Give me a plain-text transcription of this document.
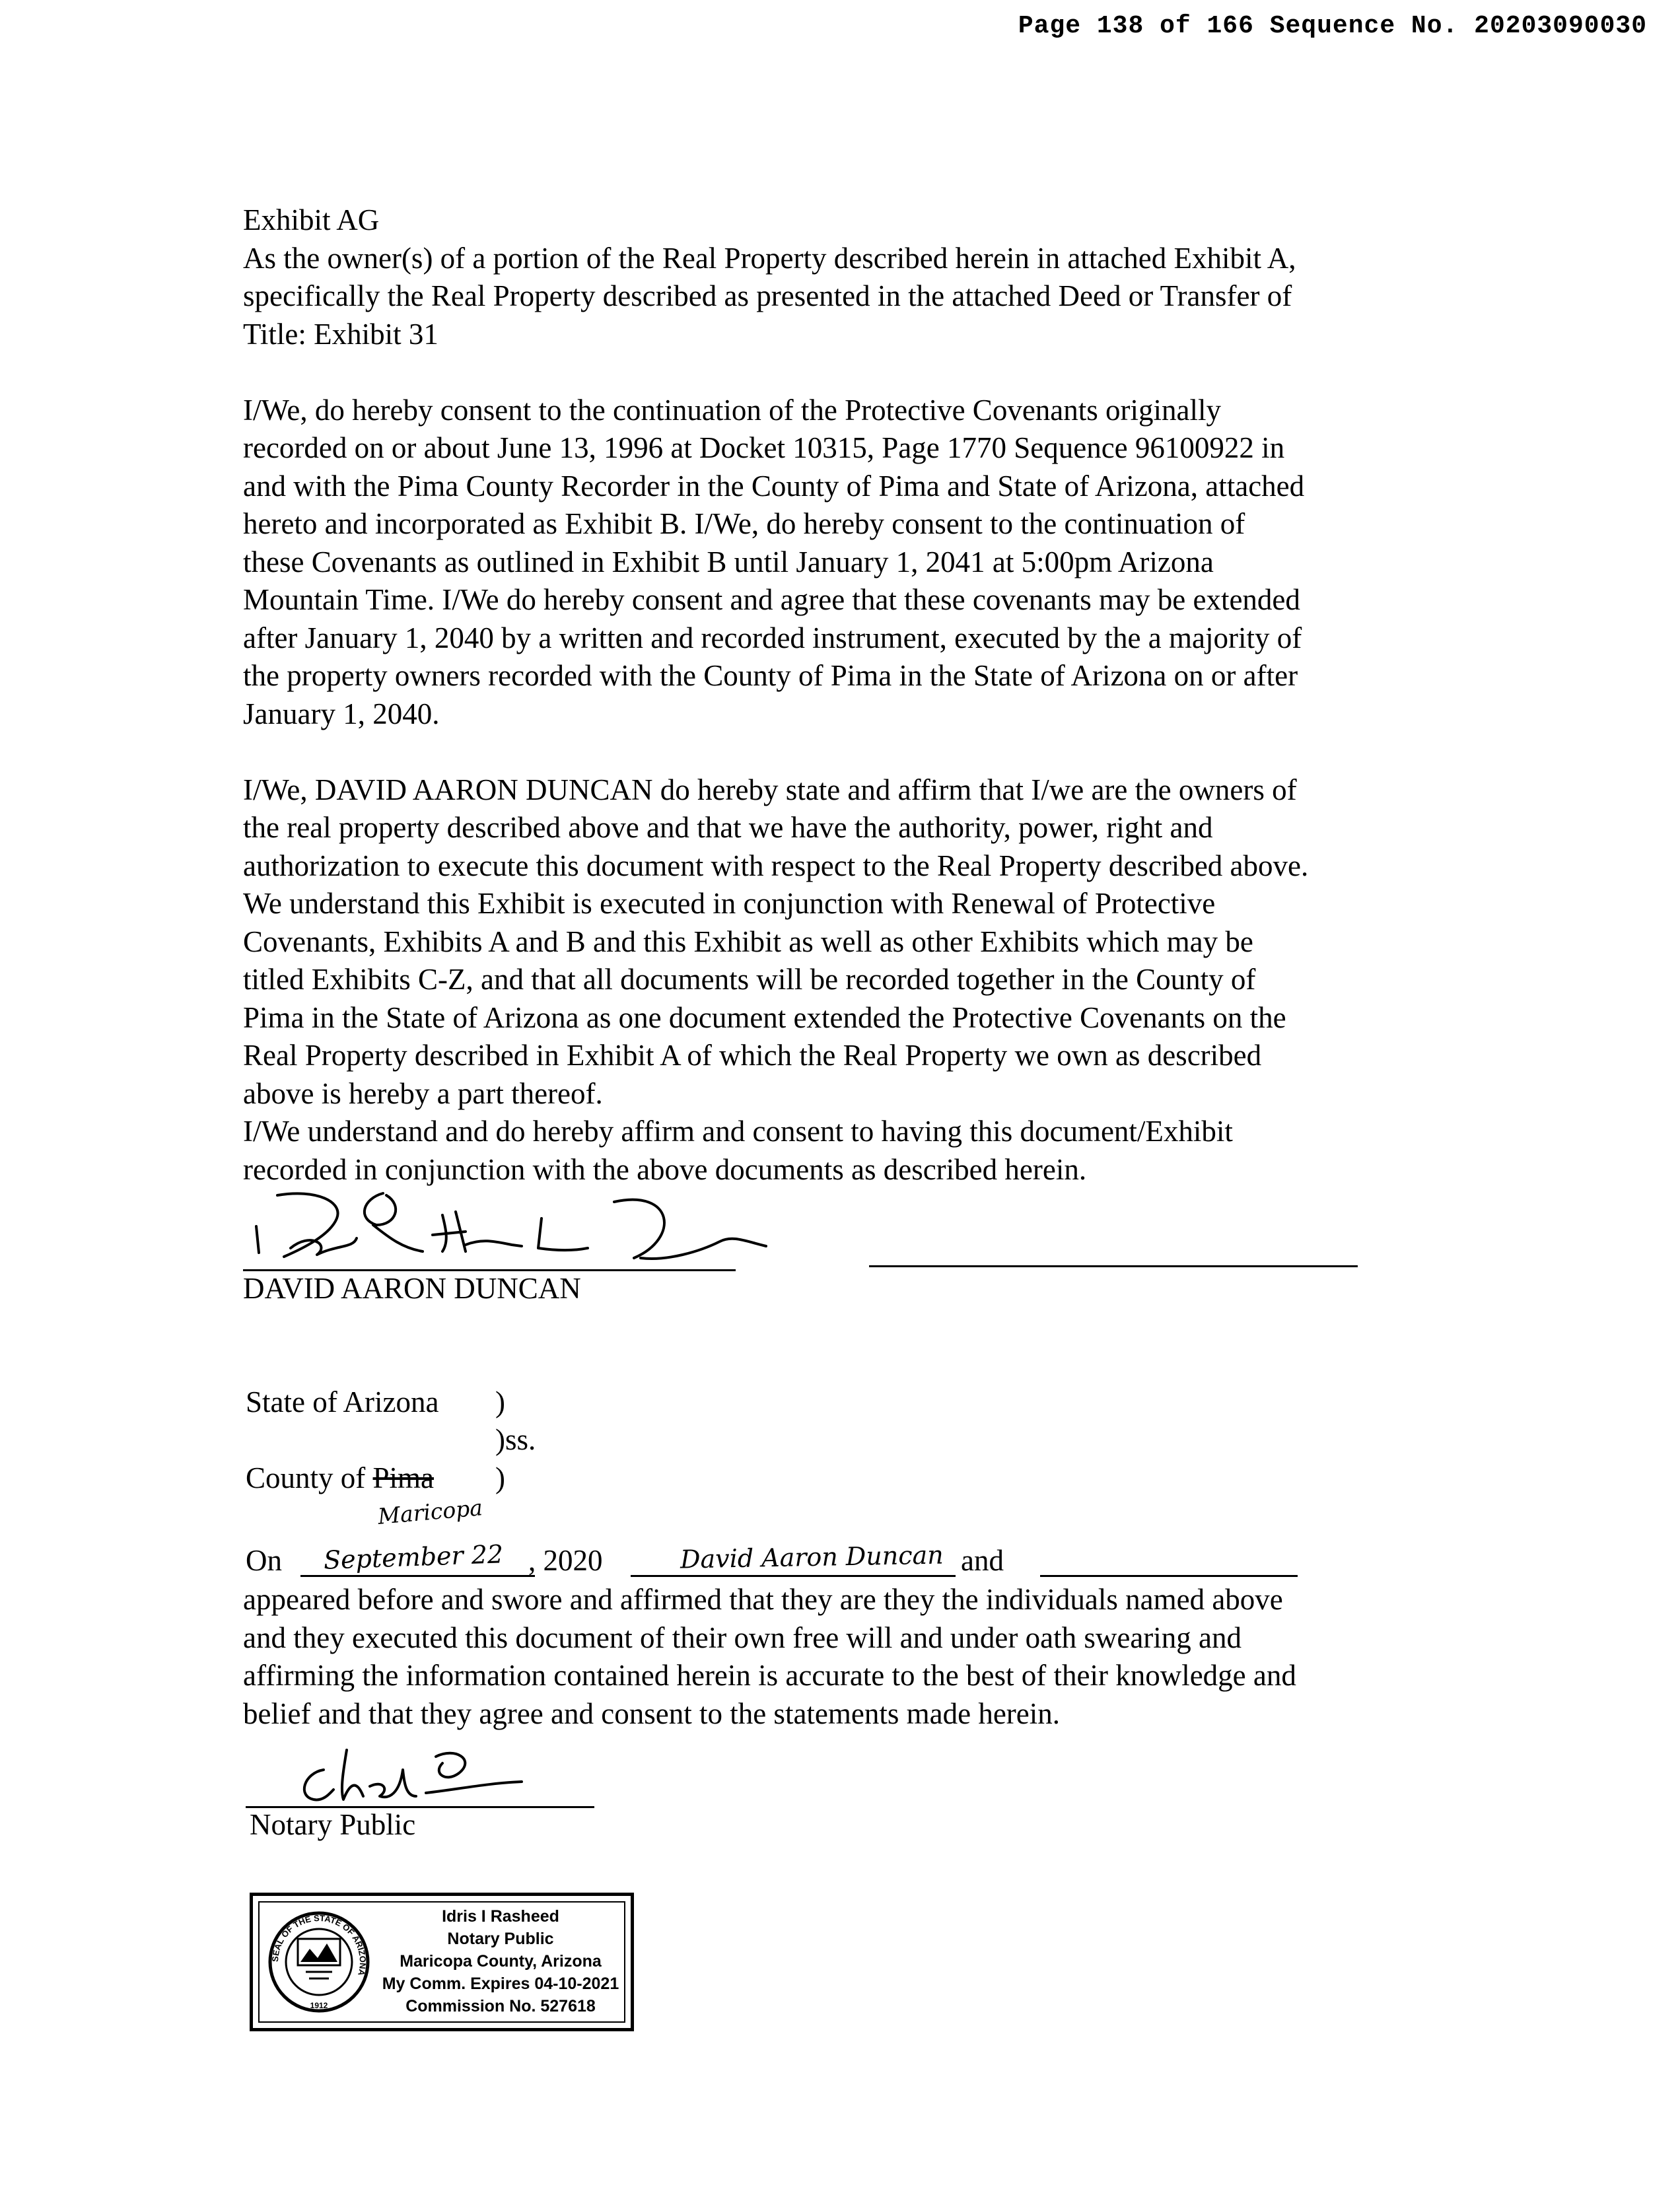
Page 138 of 166 Sequence No. 20203090030
Exhibit AG
As the owner(s) of a portion of the Real Property described herein in attached Exhibit A,
specifically the Real Property described as presented in the attached Deed or Transfer of
Title: Exhibit 31
I/We, do hereby consent to the continuation of the Protective Covenants originally
recorded on or about June 13, 1996 at Docket 10315, Page 1770 Sequence 96100922 in
and with the Pima County Recorder in the County of Pima and State of Arizona, attached
hereto and incorporated as Exhibit B. I/We, do hereby consent to the continuation of
these Covenants as outlined in Exhibit B until January 1, 2041 at 5:00pm Arizona
Mountain Time. I/We do hereby consent and agree that these covenants may be extended
after January 1, 2040 by a written and recorded instrument, executed by the a majority of
the property owners recorded with the County of Pima in the State of Arizona on or after
January 1, 2040.
I/We, DAVID AARON DUNCAN do hereby state and affirm that I/we are the owners of
the real property described above and that we have the authority, power, right and
authorization to execute this document with respect to the Real Property described above.
We understand this Exhibit is executed in conjunction with Renewal of Protective
Covenants, Exhibits A and B and this Exhibit as well as other Exhibits which may be
titled Exhibits C-Z, and that all documents will be recorded together in the County of
Pima in the State of Arizona as one document extended the Protective Covenants on the
Real Property described in Exhibit A of which the Real Property we own as described
above is hereby a part thereof.
I/We understand and do hereby affirm and consent to having this document/Exhibit
recorded in conjunction with the above documents as described herein.
DAVID AARON DUNCAN
State of Arizona )
)ss.
County of Pima )
Maricopa
On September 22 , 2020	David Aaron Duncan and
appeared before and swore and affirmed that they are they the individuals named above
and they executed this document of their own free will and under oath swearing and
affirming the information contained herein is accurate to the best of their knowledge and
belief and that they agree and consent to the statements made herein.
Notary Public
SEAL OF THE STATE OF ARIZONA
1912
Idris I Rasheed
Notary Public
Maricopa County, Arizona
My Comm. Expires 04-10-2021
Commission No. 527618
